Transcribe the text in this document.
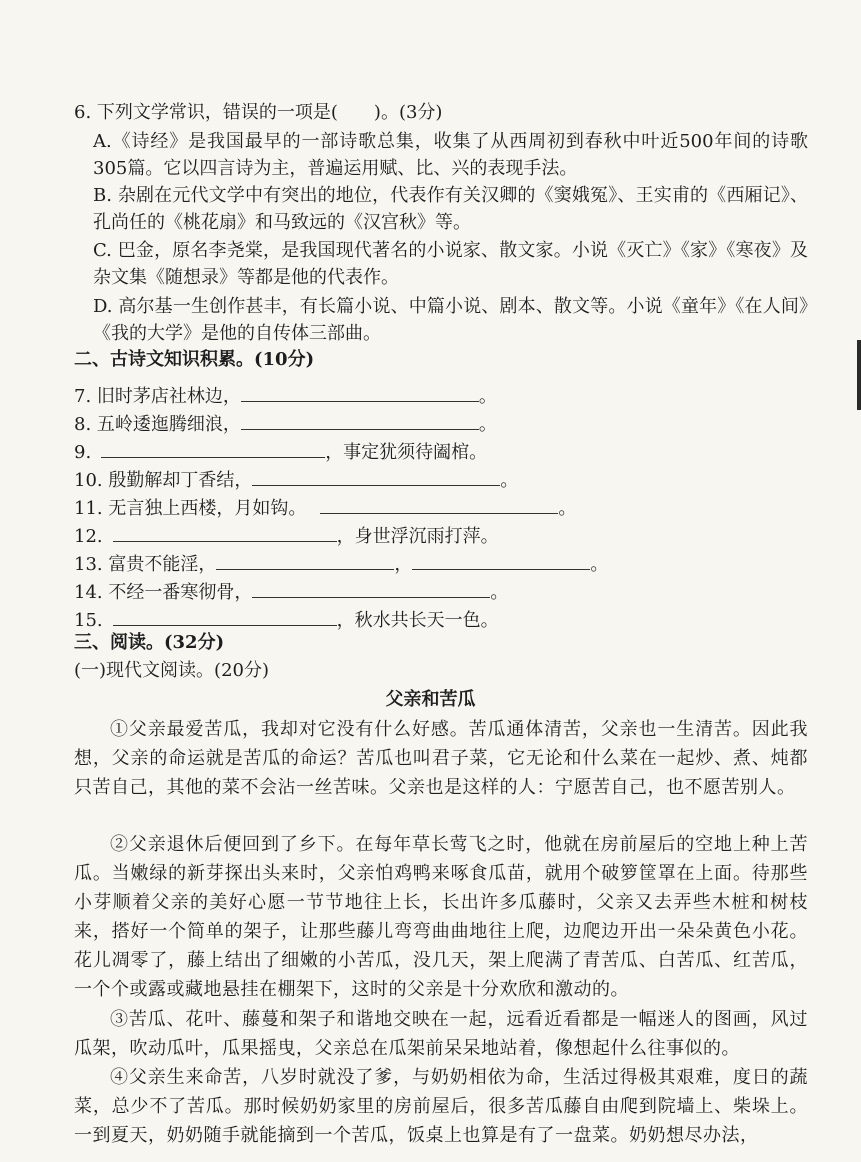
6. 下列文学常识，错误的一项是(　　)。(3分)
A.《诗经》是我国最早的一部诗歌总集，收集了从西周初到春秋中叶近500年间的诗歌305篇。它以四言诗为主，普遍运用赋、比、兴的表现手法。
B. 杂剧在元代文学中有突出的地位，代表作有关汉卿的《窦娥冤》、王实甫的《西厢记》、孔尚任的《桃花扇》和马致远的《汉宫秋》等。
C. 巴金，原名李尧棠，是我国现代著名的小说家、散文家。小说《灭亡》《家》《寒夜》及杂文集《随想录》等都是他的代表作。
D. 高尔基一生创作甚丰，有长篇小说、中篇小说、剧本、散文等。小说《童年》《在人间》《我的大学》是他的自传体三部曲。
二、古诗文知识积累。(10分)
7. 旧时茅店社林边，	。
8. 五岭逶迤腾细浪，	。
9.	，事定犹须待阖棺。
10. 殷勤解却丁香结，	。
11. 无言独上西楼，月如钩。	。
12.	，身世浮沉雨打萍。
13. 富贵不能淫，	，	。
14. 不经一番寒彻骨，	。
15.	，秋水共长天一色。
三、阅读。(32分)
(一)现代文阅读。(20分)
父亲和苦瓜
①父亲最爱苦瓜，我却对它没有什么好感。苦瓜通体清苦，父亲也一生清苦。因此我想，父亲的命运就是苦瓜的命运？苦瓜也叫君子菜，它无论和什么菜在一起炒、煮、炖都只苦自己，其他的菜不会沾一丝苦味。父亲也是这样的人：宁愿苦自己，也不愿苦别人。
②父亲退休后便回到了乡下。在每年草长莺飞之时，他就在房前屋后的空地上种上苦瓜。当嫩绿的新芽探出头来时，父亲怕鸡鸭来啄食瓜苗，就用个破箩筐罩在上面。待那些小芽顺着父亲的美好心愿一节节地往上长，长出许多瓜藤时，父亲又去弄些木桩和树枝来，搭好一个简单的架子，让那些藤儿弯弯曲曲地往上爬，边爬边开出一朵朵黄色小花。花儿凋零了，藤上结出了细嫩的小苦瓜，没几天，架上爬满了青苦瓜、白苦瓜、红苦瓜，一个个或露或藏地悬挂在棚架下，这时的父亲是十分欢欣和激动的。
③苦瓜、花叶、藤蔓和架子和谐地交映在一起，远看近看都是一幅迷人的图画，风过瓜架，吹动瓜叶，瓜果摇曳，父亲总在瓜架前呆呆地站着，像想起什么往事似的。
④父亲生来命苦，八岁时就没了爹，与奶奶相依为命，生活过得极其艰难，度日的蔬菜，总少不了苦瓜。那时候奶奶家里的房前屋后，很多苦瓜藤自由爬到院墙上、柴垛上。一到夏天，奶奶随手就能摘到一个苦瓜，饭桌上也算是有了一盘菜。奶奶想尽办法，
